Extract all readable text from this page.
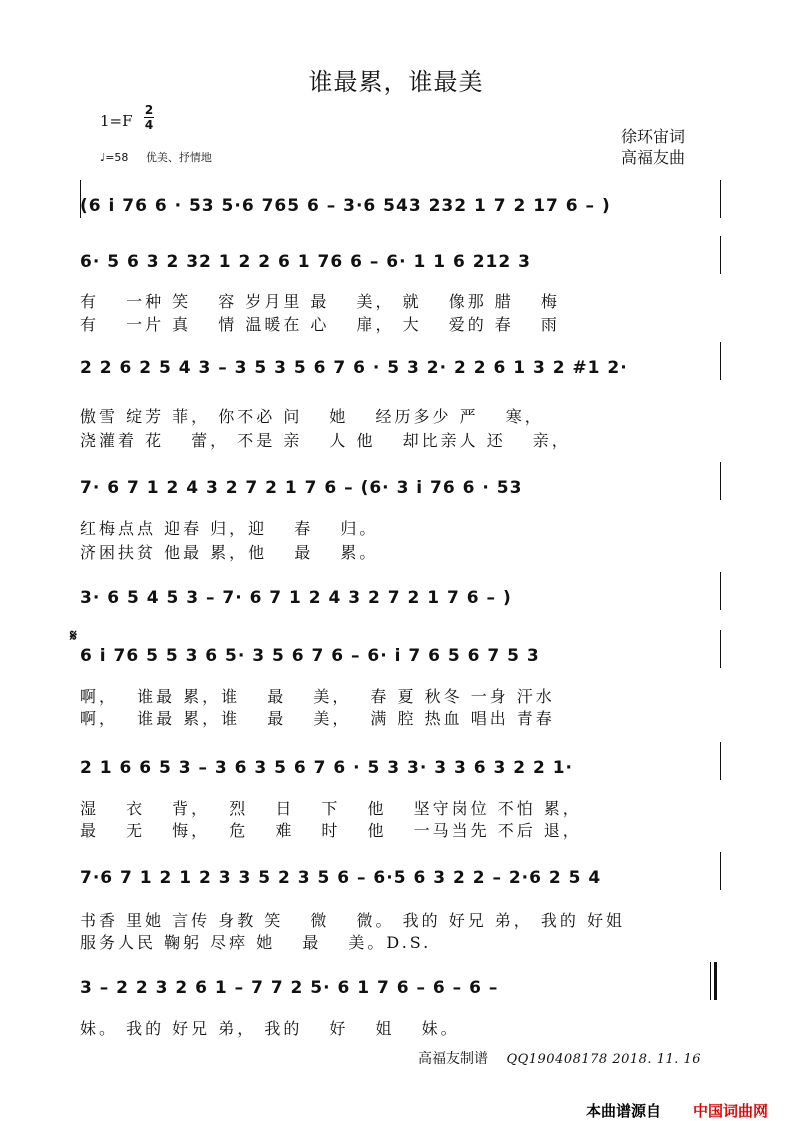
谁最累，谁最美
1=F
2
4
♩=58 优美、抒情地
徐环宙词
高福友曲
(6 i 76 6 · 53 5·6 765 6 – 3·6 543 232 1 7 2 17 6 – )
6· 5 6 3 2 32 1 2 2 6 1 76 6 – 6· 1 1 6 212 3
有　 一种 笑　 容 岁月里 最　 美， 就　 像那 腊　 梅
有　 一片 真　 情 温暖在 心　 扉， 大　 爱的 春　 雨
2 2 6 2 5 4 3 – 3 5 3 5 6 7 6 · 5 3 2· 2 2 6 1 3 2 #1 2·
傲雪 绽芳 菲， 你不必 问　 她　 经历多少 严　 寒，
浇灌着 花　 蕾， 不是 亲　 人 他　 却比亲人 还　 亲，
7· 6 7 1 2 4 3 2 7 2 1 7 6 – (6· 3 i 76 6 · 53
红梅点点 迎春 归，迎　 春　 归。
济困扶贫 他最 累，他　 最　 累。
3· 6 5 4 5 3 – 7· 6 7 1 2 4 3 2 7 2 1 7 6 – )
𝄋
6 i 76 5 5 3 6 5· 3 5 6 7 6 – 6· i 7 6 5 6 7 5 3
啊，　 谁最 累，谁　 最　 美，　 春 夏 秋冬 一身 汗水
啊，　 谁最 累，谁　 最　 美，　 满 腔 热血 唱出 青春
2 1 6 6 5 3 – 3 6 3 5 6 7 6 · 5 3 3· 3 3 6 3 2 2 1·
湿　 衣　 背，　 烈　 日　 下　 他　 坚守岗位 不怕 累，
最　 无　 悔，　 危　 难　 时　 他　 一马当先 不后 退，
7·6 7 1 2 1 2 3 3 5 2 3 5 6 – 6·5 6 3 2 2 – 2·6 2 5 4
书香 里她 言传 身教 笑　 微　 微。 我的 好兄 弟， 我的 好姐
服务人民 鞠躬 尽瘁 她　 最　 美。D.S.
3 – 2 2 3 2 6 1 – 7 7 2 5· 6 1 7 6 – 6 – 6 –
妹。 我的 好兄 弟， 我的　 好　 姐　 妹。
高福友制谱 QQ190408178 2018. 11. 16
本曲谱源自 中国词曲网
